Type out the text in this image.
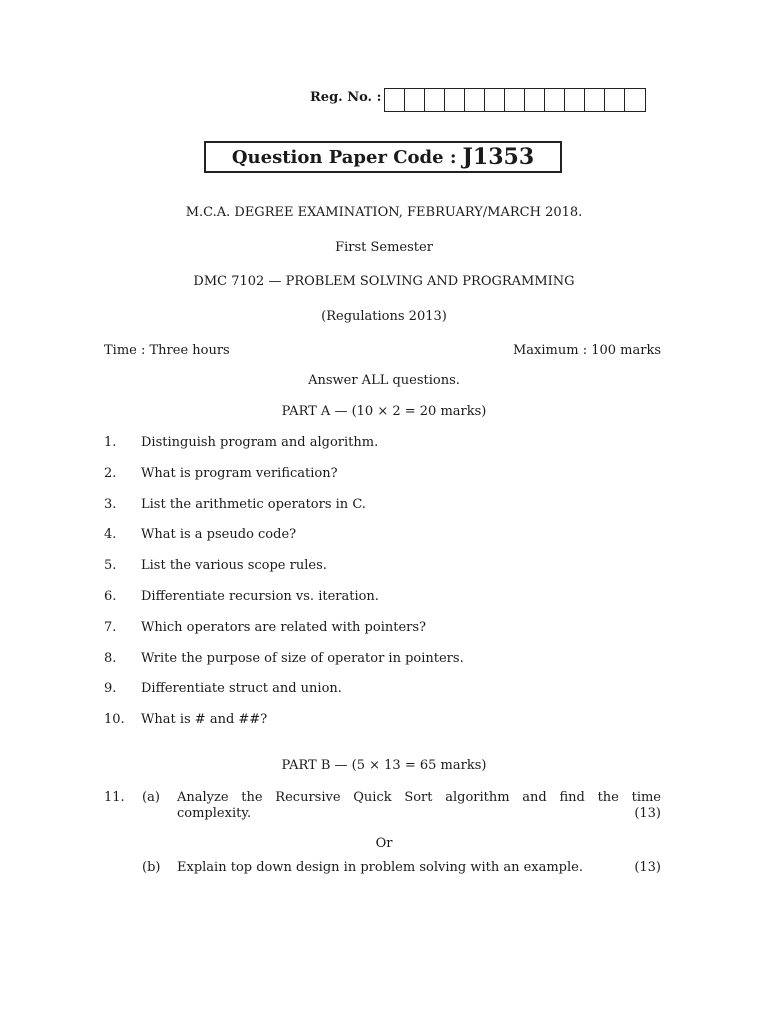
Reg. No. :
Question Paper Code : J1353
M.C.A. DEGREE EXAMINATION, FEBRUARY/MARCH 2018.
First Semester
DMC 7102 — PROBLEM SOLVING AND PROGRAMMING
(Regulations 2013)
Time : Three hours	Maximum : 100 marks
Answer ALL questions.
PART A — (10 × 2 = 20 marks)
1. Distinguish program and algorithm.
2. What is program verification?
3. List the arithmetic operators in C.
4. What is a pseudo code?
5. List the various scope rules.
6. Differentiate recursion vs. iteration.
7. Which operators are related with pointers?
8. Write the purpose of size of operator in pointers.
9. Differentiate struct and union.
10. What is # and ##?
PART B — (5 × 13 = 65 marks)
11. (a) Analyze the Recursive Quick Sort algorithm and find the time
complexity.	(13)
Or
(b) Explain top down design in problem solving with an example.	(13)
